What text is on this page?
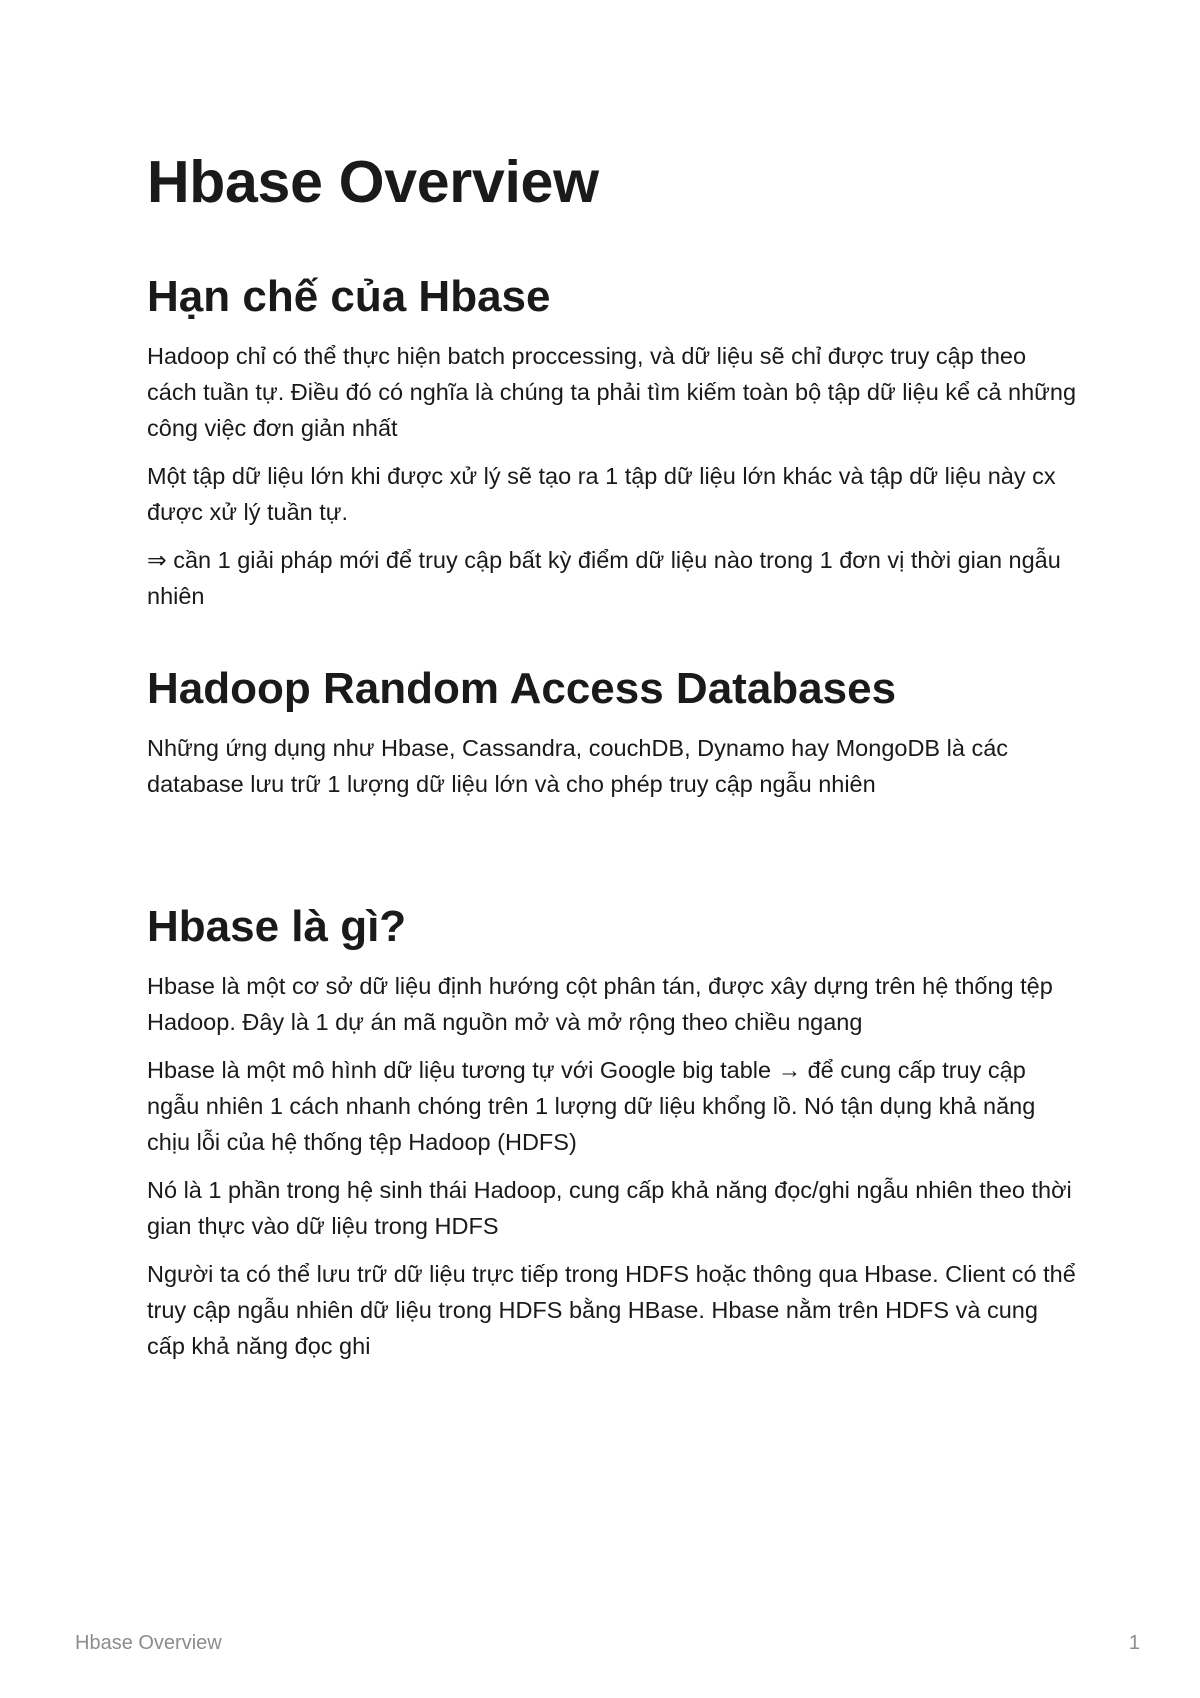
Hbase Overview
Hạn chế của Hbase

Hadoop chỉ có thể thực hiện batch proccessing, và dữ liệu sẽ chỉ được truy cập theo cách tuần tự. Điều đó có nghĩa là chúng ta phải tìm kiếm toàn bộ tập dữ liệu kể cả những công việc đơn giản nhất

Một tập dữ liệu lớn khi được xử lý sẽ tạo ra 1 tập dữ liệu lớn khác và tập dữ liệu này cx được xử lý tuần tự.

⇒ cần 1 giải pháp mới để truy cập bất kỳ điểm dữ liệu nào trong 1 đơn vị thời gian ngẫu nhiên

Hadoop Random Access Databases

Những ứng dụng như Hbase, Cassandra, couchDB, Dynamo hay MongoDB là các database lưu trữ 1 lượng dữ liệu lớn và cho phép truy cập ngẫu nhiên

Hbase là gì?

Hbase là một cơ sở dữ liệu định hướng cột phân tán, được xây dựng trên hệ thống tệp Hadoop. Đây là 1 dự án mã nguồn mở và mở rộng theo chiều ngang

Hbase là một mô hình dữ liệu tương tự với Google big table → để cung cấp truy cập ngẫu nhiên 1 cách nhanh chóng trên 1 lượng dữ liệu khổng lồ. Nó tận dụng khả năng chịu lỗi của hệ thống tệp Hadoop (HDFS)

Nó là 1 phần trong hệ sinh thái Hadoop, cung cấp khả năng đọc/ghi ngẫu nhiên theo thời gian thực vào dữ liệu trong HDFS

Người ta có thể lưu trữ dữ liệu trực tiếp trong HDFS hoặc thông qua Hbase. Client có thể truy cập ngẫu nhiên dữ liệu trong HDFS bằng HBase. Hbase nằm trên HDFS và cung cấp khả năng đọc ghi

Hbase Overview	1
